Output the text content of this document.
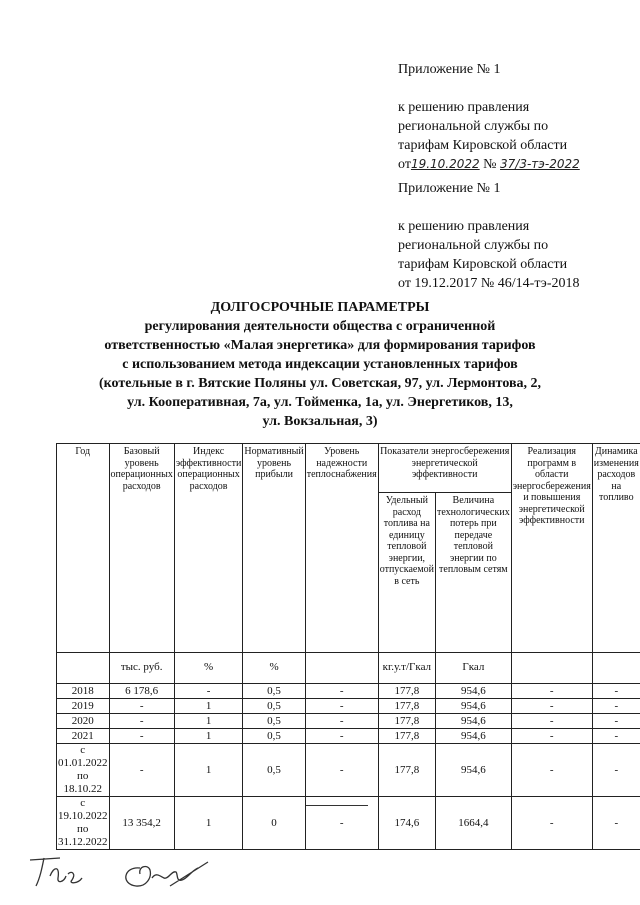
Приложение № 1
к решению правления
региональной службы по
тарифам Кировской области
от19.10.2022 № 37/3-тэ-2022
Приложение № 1
к решению правления
региональной службы по
тарифам Кировской области
от 19.12.2017 № 46/14-тэ-2018
ДОЛГОСРОЧНЫЕ ПАРАМЕТРЫ
регулирования деятельности общества с ограниченной
ответственностью «Малая энергетика» для формирования тарифов
с использованием метода индексации установленных тарифов
(котельные в г. Вятские Поляны ул. Советская, 97, ул. Лермонтова, 2,
ул. Кооперативная, 7а, ул. Тойменка, 1а, ул. Энергетиков, 13,
ул. Вокзальная, 3)
Год	Базовый уровень операционных расходов	Индекс эффективности операционных расходов	Нормативный уровень прибыли	Уровень надежности теплоснабжения	Показатели энергосбережения энергетической эффективности		Реализация программ в области энергосбережения и повышения энергетической эффективности	Динамика изменения расходов на топливо
					Удельный расход топлива на единицу тепловой энергии, отпускаемой в сеть	Величина технологических потерь при передаче тепловой энергии по тепловым сетям		
	тыс. руб.	%	%		кг.у.т/Гкал	Гкал		
2018	6 178,6	-	0,5	-	177,8	954,6	-	-
2019	-	1	0,5	-	177,8	954,6	-	-
2020	-	1	0,5	-	177,8	954,6	-	-
2021	-	1	0,5	-	177,8	954,6	-	-
с 01.01.2022 по 18.10.22	-	1	0,5	-	177,8	954,6	-	-
с 19.10.2022 по 31.12.2022	13 354,2	1	0	-	174,6	1664,4	-	-
